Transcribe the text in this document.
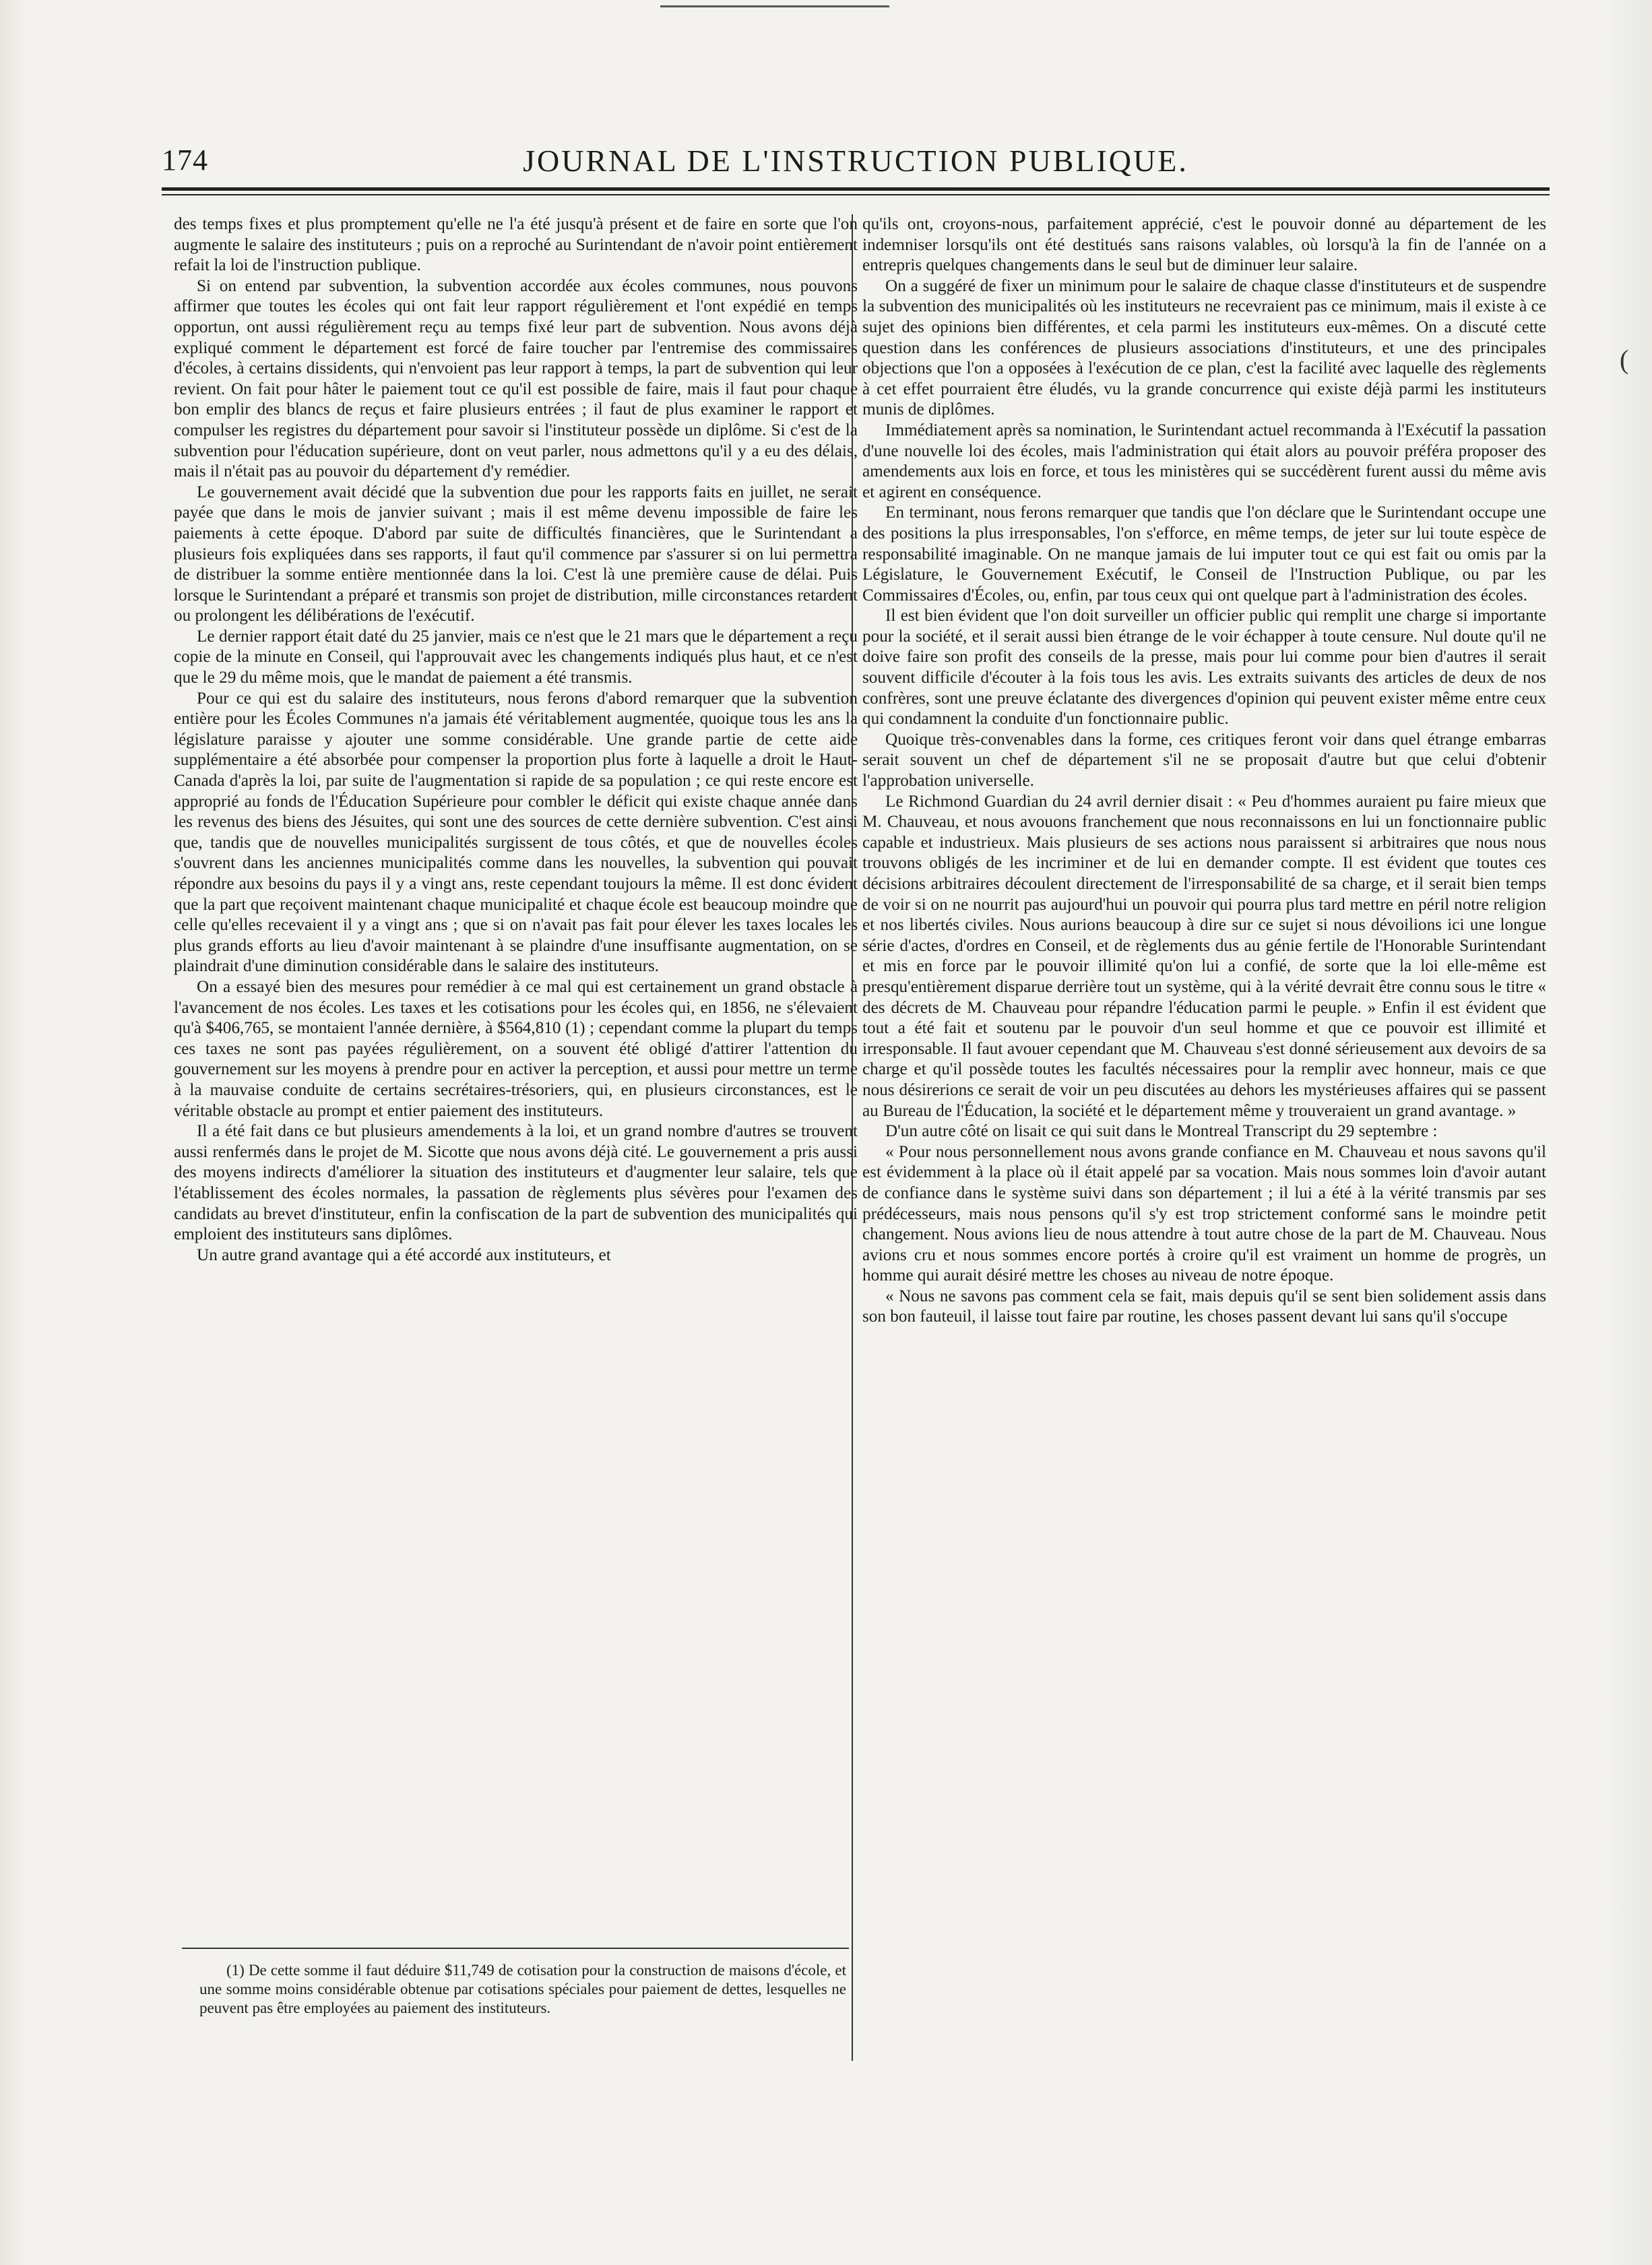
174	JOURNAL DE L'INSTRUCTION PUBLIQUE.

des temps fixes et plus promptement qu'elle ne l'a été jusqu'à présent et de faire en sorte que l'on augmente le salaire des instituteurs ; puis on a reproché au Surintendant de n'avoir point entièrement refait la loi de l'instruction publique.

Si on entend par subvention, la subvention accordée aux écoles communes, nous pouvons affirmer que toutes les écoles qui ont fait leur rapport régulièrement et l'ont expédié en temps opportun, ont aussi régulièrement reçu au temps fixé leur part de subvention. Nous avons déjà expliqué comment le département est forcé de faire toucher par l'entremise des commissaires d'écoles, à certains dissidents, qui n'envoient pas leur rapport à temps, la part de subvention qui leur revient. On fait pour hâter le paiement tout ce qu'il est possible de faire, mais il faut pour chaque bon emplir des blancs de reçus et faire plusieurs entrées ; il faut de plus examiner le rapport et compulser les registres du département pour savoir si l'instituteur possède un diplôme. Si c'est de la subvention pour l'éducation supérieure, dont on veut parler, nous admettons qu'il y a eu des délais, mais il n'était pas au pouvoir du département d'y remédier.

Le gouvernement avait décidé que la subvention due pour les rapports faits en juillet, ne serait payée que dans le mois de janvier suivant ; mais il est même devenu impossible de faire les paiements à cette époque. D'abord par suite de difficultés financières, que le Surintendant a plusieurs fois expliquées dans ses rapports, il faut qu'il commence par s'assurer si on lui permettra de distribuer la somme entière mentionnée dans la loi. C'est là une première cause de délai. Puis lorsque le Surintendant a préparé et transmis son projet de distribution, mille circonstances retardent ou prolongent les délibérations de l'exécutif.

Le dernier rapport était daté du 25 janvier, mais ce n'est que le 21 mars que le département a reçu copie de la minute en Conseil, qui l'approuvait avec les changements indiqués plus haut, et ce n'est que le 29 du même mois, que le mandat de paiement a été transmis.

Pour ce qui est du salaire des instituteurs, nous ferons d'abord remarquer que la subvention entière pour les Écoles Communes n'a jamais été véritablement augmentée, quoique tous les ans la législature paraisse y ajouter une somme considérable. Une grande partie de cette aide supplémentaire a été absorbée pour compenser la proportion plus forte à laquelle a droit le Haut-Canada d'après la loi, par suite de l'augmentation si rapide de sa population ; ce qui reste encore est approprié au fonds de l'Éducation Supérieure pour combler le déficit qui existe chaque année dans les revenus des biens des Jésuites, qui sont une des sources de cette dernière subvention. C'est ainsi que, tandis que de nouvelles municipalités surgissent de tous côtés, et que de nouvelles écoles s'ouvrent dans les anciennes municipalités comme dans les nouvelles, la subvention qui pouvait répondre aux besoins du pays il y a vingt ans, reste cependant toujours la même. Il est donc évident que la part que reçoivent maintenant chaque municipalité et chaque école est beaucoup moindre que celle qu'elles recevaient il y a vingt ans ; que si on n'avait pas fait pour élever les taxes locales les plus grands efforts au lieu d'avoir maintenant à se plaindre d'une insuffisante augmentation, on se plaindrait d'une diminution considérable dans le salaire des instituteurs.

On a essayé bien des mesures pour remédier à ce mal qui est certainement un grand obstacle à l'avancement de nos écoles. Les taxes et les cotisations pour les écoles qui, en 1856, ne s'élevaient qu'à $406,765, se montaient l'année dernière, à $564,810 (1) ; cependant comme la plupart du temps ces taxes ne sont pas payées régulièrement, on a souvent été obligé d'attirer l'attention du gouvernement sur les moyens à prendre pour en activer la perception, et aussi pour mettre un terme à la mauvaise conduite de certains secrétaires-trésoriers, qui, en plusieurs circonstances, est le véritable obstacle au prompt et entier paiement des instituteurs.

Il a été fait dans ce but plusieurs amendements à la loi, et un grand nombre d'autres se trouvent aussi renfermés dans le projet de M. Sicotte que nous avons déjà cité. Le gouvernement a pris aussi des moyens indirects d'améliorer la situation des instituteurs et d'augmenter leur salaire, tels que l'établissement des écoles normales, la passation de règlements plus sévères pour l'examen des candidats au brevet d'instituteur, enfin la confiscation de la part de subvention des municipalités qui emploient des instituteurs sans diplômes.

Un autre grand avantage qui a été accordé aux instituteurs, et

qu'ils ont, croyons-nous, parfaitement apprécié, c'est le pouvoir donné au département de les indemniser lorsqu'ils ont été destitués sans raisons valables, où lorsqu'à la fin de l'année on a entrepris quelques changements dans le seul but de diminuer leur salaire.

On a suggéré de fixer un minimum pour le salaire de chaque classe d'instituteurs et de suspendre la subvention des municipalités où les instituteurs ne recevraient pas ce minimum, mais il existe à ce sujet des opinions bien différentes, et cela parmi les instituteurs eux-mêmes. On a discuté cette question dans les conférences de plusieurs associations d'instituteurs, et une des principales objections que l'on a opposées à l'exécution de ce plan, c'est la facilité avec laquelle des règlements à cet effet pourraient être éludés, vu la grande concurrence qui existe déjà parmi les instituteurs munis de diplômes.

Immédiatement après sa nomination, le Surintendant actuel recommanda à l'Exécutif la passation d'une nouvelle loi des écoles, mais l'administration qui était alors au pouvoir préféra proposer des amendements aux lois en force, et tous les ministères qui se succédèrent furent aussi du même avis et agirent en conséquence.

En terminant, nous ferons remarquer que tandis que l'on déclare que le Surintendant occupe une des positions la plus irresponsables, l'on s'efforce, en même temps, de jeter sur lui toute espèce de responsabilité imaginable. On ne manque jamais de lui imputer tout ce qui est fait ou omis par la Législature, le Gouvernement Exécutif, le Conseil de l'Instruction Publique, ou par les Commissaires d'Écoles, ou, enfin, par tous ceux qui ont quelque part à l'administration des écoles.

Il est bien évident que l'on doit surveiller un officier public qui remplit une charge si importante pour la société, et il serait aussi bien étrange de le voir échapper à toute censure. Nul doute qu'il ne doive faire son profit des conseils de la presse, mais pour lui comme pour bien d'autres il serait souvent difficile d'écouter à la fois tous les avis. Les extraits suivants des articles de deux de nos confrères, sont une preuve éclatante des divergences d'opinion qui peuvent exister même entre ceux qui condamnent la conduite d'un fonctionnaire public.

Quoique très-convenables dans la forme, ces critiques feront voir dans quel étrange embarras serait souvent un chef de département s'il ne se proposait d'autre but que celui d'obtenir l'approbation universelle.

Le Richmond Guardian du 24 avril dernier disait : « Peu d'hommes auraient pu faire mieux que M. Chauveau, et nous avouons franchement que nous reconnaissons en lui un fonctionnaire public capable et industrieux. Mais plusieurs de ses actions nous paraissent si arbitraires que nous nous trouvons obligés de les incriminer et de lui en demander compte. Il est évident que toutes ces décisions arbitraires découlent directement de l'irresponsabilité de sa charge, et il serait bien temps de voir si on ne nourrit pas aujourd'hui un pouvoir qui pourra plus tard mettre en péril notre religion et nos libertés civiles. Nous aurions beaucoup à dire sur ce sujet si nous dévoilions ici une longue série d'actes, d'ordres en Conseil, et de règlements dus au génie fertile de l'Honorable Surintendant et mis en force par le pouvoir illimité qu'on lui a confié, de sorte que la loi elle-même est presqu'entièrement disparue derrière tout un système, qui à la vérité devrait être connu sous le titre « des décrets de M. Chauveau pour répandre l'éducation parmi le peuple. » Enfin il est évident que tout a été fait et soutenu par le pouvoir d'un seul homme et que ce pouvoir est illimité et irresponsable. Il faut avouer cependant que M. Chauveau s'est donné sérieusement aux devoirs de sa charge et qu'il possède toutes les facultés nécessaires pour la remplir avec honneur, mais ce que nous désirerions ce serait de voir un peu discutées au dehors les mystérieuses affaires qui se passent au Bureau de l'Éducation, la société et le département même y trouveraient un grand avantage. »

D'un autre côté on lisait ce qui suit dans le Montreal Transcript du 29 septembre :

« Pour nous personnellement nous avons grande confiance en M. Chauveau et nous savons qu'il est évidemment à la place où il était appelé par sa vocation. Mais nous sommes loin d'avoir autant de confiance dans le système suivi dans son département ; il lui a été à la vérité transmis par ses prédécesseurs, mais nous pensons qu'il s'y est trop strictement conformé sans le moindre petit changement. Nous avions lieu de nous attendre à tout autre chose de la part de M. Chauveau. Nous avions cru et nous sommes encore portés à croire qu'il est vraiment un homme de progrès, un homme qui aurait désiré mettre les choses au niveau de notre époque.

« Nous ne savons pas comment cela se fait, mais depuis qu'il se sent bien solidement assis dans son bon fauteuil, il laisse tout faire par routine, les choses passent devant lui sans qu'il s'occupe

(1) De cette somme il faut déduire $11,749 de cotisation pour la construction de maisons d'école, et une somme moins considérable obtenue par cotisations spéciales pour paiement de dettes, lesquelles ne peuvent pas être employées au paiement des instituteurs.
(
